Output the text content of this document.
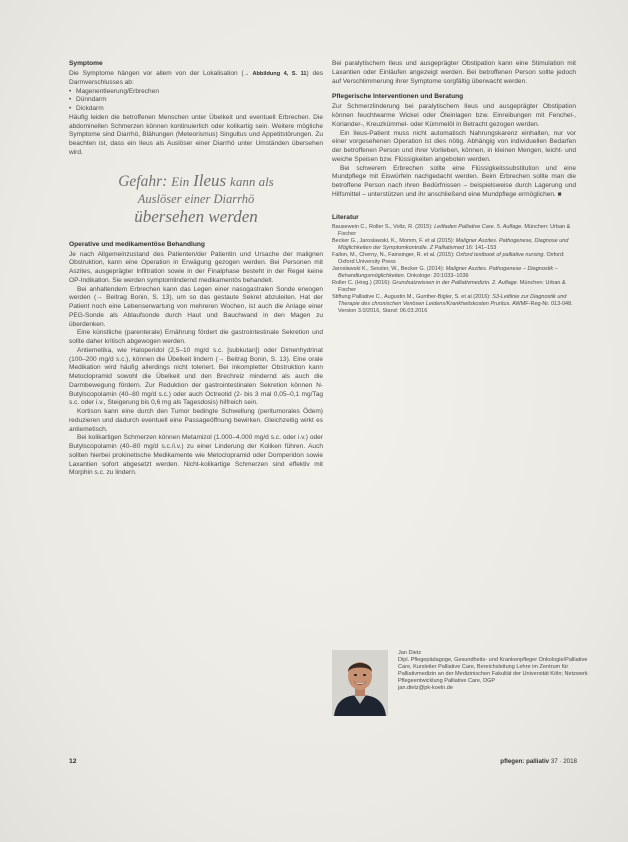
Symptome

Die Symptome hängen vor allem von der Lokalisation (→ Abbildung 4, S. 11) des Darmverschlusses ab:

• Magenentleerung/Erbrechen
• Dünndarm
• Dickdarm

Häufig leiden die betroffenen Menschen unter Übelkeit und eventuell Erbrechen. Die abdominellen Schmerzen können kontinuierlich oder kolikartig sein. Weitere mögliche Symptome sind Diarrhö, Blähungen (Meteorismus) Singultus und Appetitstörungen. Zu beachten ist, dass ein Ileus als Auslöser einer Diarrhö unter Umständen übersehen wird.

Gefahr: Ein Ileus kann als
Auslöser einer Diarrhö
übersehen werden
Operative und medikamentöse Behandlung

Je nach Allgemeinzustand des Patienten/der Patientin und Ursache der malignen Obstruktion, kann eine Operation in Erwägung gezogen werden. Bei Personen mit Aszites, ausgeprägter Infiltration sowie in der Finalphase besteht in der Regel keine OP-Indikation. Sie werden symptomlindernd medikamentös behandelt.

Bei anhaltendem Erbrechen kann das Legen einer nasogastralen Sonde erwogen werden (→ Beitrag Bonin, S. 13), um so das gestaute Sekret abzuleiten. Hat der Patient noch eine Lebenserwartung von mehreren Wochen, ist auch die Anlage einer PEG-Sonde als Ablaufsonde durch Haut und Bauchwand in den Magen zu überdenken.

Eine künstliche (parenterale) Ernährung fördert die gastrointestinale Sekretion und sollte daher kritisch abgewogen werden.

Antiemetika, wie Haloperidol (2,5–10 mg/d s.c. [subkutan]) oder Dimenhydrinat (100–200 mg/d s.c.), können die Übelkeit lindern (→ Beitrag Bonin, S. 13). Eine orale Medikation wird häufig allerdings nicht toleriert. Bei inkompletter Obstruktion kann Metoclopramid sowohl die Übelkeit und den Brechreiz mindernd als auch die Darmbewegung fördern. Zur Reduktion der gastrointestinalen Sekretion können N-Butylscopolamin (40–80 mg/d s.c.) oder auch Octreotid (2- bis 3 mal 0,05–0,1 mg/Tag s.c. oder i.v., Steigerung bis 0,6 mg als Tagesdosis) hilfreich sein.

Kortison kann eine durch den Tumor bedingte Schwellung (peritumorales Ödem) reduzieren und dadurch eventuell eine Passageöffnung bewirken. Gleichzeitig wirkt es antiemetisch.

Bei kolikartigen Schmerzen können Metamizol (1.000–4.000 mg/d s.c. oder i.v.) oder Butylscopolamin (40–80 mg/d s.c./i.v.) zu einer Linderung der Koliken führen. Auch sollten hierbei prokinetische Medikamente wie Metoclopramid oder Domperidon sowie Laxantien sofort abgesetzt werden. Nicht-kolikartige Schmerzen sind effektiv mit Morphin s.c. zu lindern.

Bei paralytischem Ileus und ausgeprägter Obstipation kann eine Stimulation mit Laxantien oder Einläufen angezeigt werden. Bei betroffenen Person sollte jedoch auf Verschlimmerung ihrer Symptome sorgfältig überwacht werden.

Pflegerische Interventionen und Beratung

Zur Schmerzlinderung bei paralytischem Ileus und ausgeprägter Obstipation können feuchtwarme Wickel oder Öleinlagen bzw. Einreibungen mit Fenchel-, Koriander-, Kreuzkümmel- oder Kümmelöl in Betracht gezogen werden.

Ein Ileus-Patient muss nicht automatisch Nahrungskarenz einhalten, nur vor einer vorgesehenen Operation ist dies nötig. Abhängig von individuellen Bedarfen der betroffenen Person und ihrer Vorlieben, können, in kleinen Mengen, leicht- und weiche Speisen bzw. Flüssigkeiten angeboten werden.

Bei schwerem Erbrechen sollte eine Flüssigkeitssubstitution und eine Mundpflege mit Eiswürfeln nachgedacht werden. Beim Erbrechen sollte man die betroffene Person nach ihren Bedürfnissen – beispielsweise durch Lagerung und Hilfsmittel – unterstützen und ihr anschließend eine Mundpflege ermöglichen. ■

Literatur
Bausewein C., Roller S., Voltz, R. (2015): Leitfaden Palliative Care. 5. Auflage. München: Urban & Fischer
Becker G., Jaroslawski, K., Momm, F. et al (2015): Maligner Aszites. Pathogenese, Diagnose und Möglichkeiten der Symptomkontrolle. Z Palliativmed 16: 141–153
Fallon, M., Cherny, N., Fainsinger, R. et al. (2015): Oxford textbook of palliative nursing. Oxford: Oxford University Press
Jaroslawski K., Sessler, W., Becker G. (2014): Maligner Aszites. Pathogenese – Diagnostik – Behandlungsmöglichkeiten. Onkologe: 20:1033–1036
Roller C. (Hrsg.) (2016): Grundsatzwissen in der Palliativmedizin. 2. Auflage. München: Urban & Fischer
Stiftung Palliative C., Augustin M., Gunther-Bigler, S. et al (2016): S3-Leitlinie zur Diagnostik und Therapie des chronischen Venösen Leidens/Krankheitskosten Pruritus. AWMF-Reg-Nr. 013-048. Version 3.0/2016, Stand: 06.03.2016

Jan Dietz

Dipl. Pflegepädagoge, Gesundheits- und Krankenpfleger Onkologie/Palliative Care, Kursleiter Palliative Care, Bereichsleitung Lehre im Zentrum für Palliativmedizin an der Medizinischen Fakultät der Universität Köln; Netzwerk Pflegeentwicklung Palliative Care, DGP

jan.dietz@pk-koeln.de

12	pflegen: palliativ 37 · 2018
